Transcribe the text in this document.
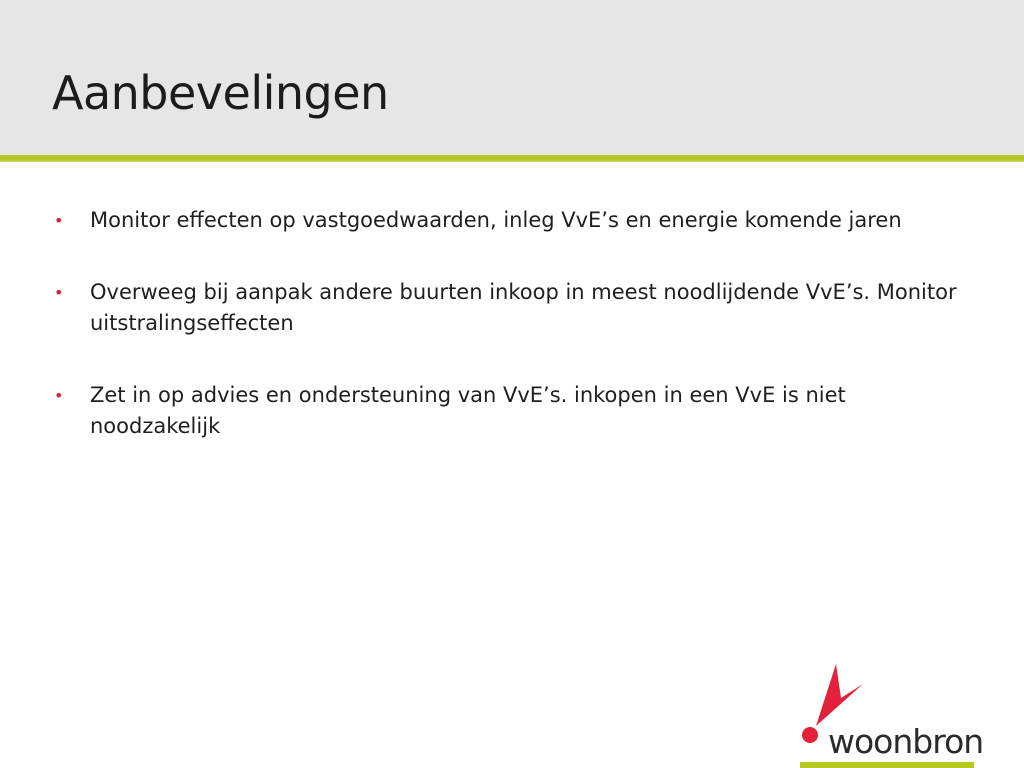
Aanbevelingen
• Monitor effecten op vastgoedwaarden, inleg VvE’s en energie komende jaren
• Overweeg bij aanpak andere buurten inkoop in meest noodlijdende VvE’s. Monitor uitstralingseffecten
• Zet in op advies en ondersteuning van VvE’s. inkopen in een VvE is niet noodzakelijk
woonbron
